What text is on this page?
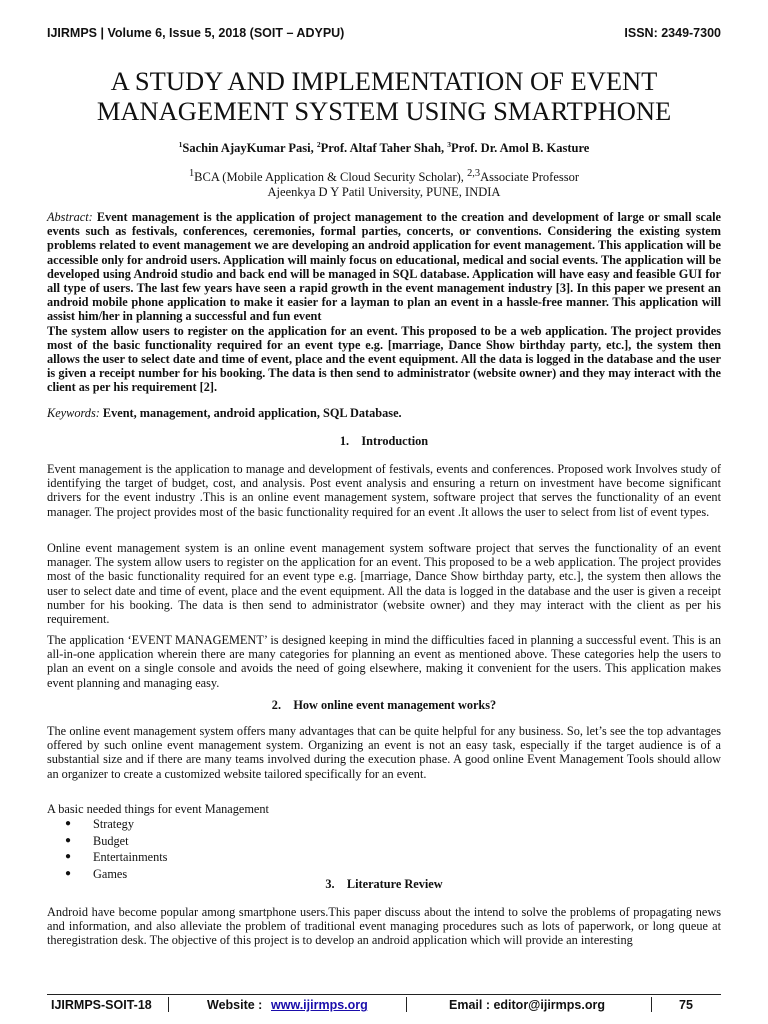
IJIRMPS | Volume 6, Issue 5, 2018 (SOIT – ADYPU)	ISSN: 2349-7300
A STUDY AND IMPLEMENTATION OF EVENT
MANAGEMENT SYSTEM USING SMARTPHONE
$^1$Sachin AjayKumar Pasi, $^2$Prof. Altaf Taher Shah, $^3$Prof. Dr. Amol B. Kasture
$^1$BCA (Mobile Application & Cloud Security Scholar), $^{2,3}$Associate Professor
Ajeenkya D Y Patil University, PUNE, INDIA

Abstract: Event management is the application of project management to the creation and development of large or small scale events such as festivals, conferences, ceremonies, formal parties, concerts, or conventions. Considering the existing system problems related to event management we are developing an android application for event management. This application will be accessible only for android users. Application will mainly focus on educational, medical and social events. The application will be developed using Android studio and back end will be managed in SQL database. Application will have easy and feasible GUI for all type of users. The last few years have seen a rapid growth in the event management industry [3]. In this paper we present an android mobile phone application to make it easier for a layman to plan an event in a hassle-free manner. This application will assist him/her in planning a successful and fun event

The system allow users to register on the application for an event. This proposed to be a web application. The project provides most of the basic functionality required for an event type e.g. [marriage, Dance Show birthday party, etc.], the system then allows the user to select date and time of event, place and the event equipment. All the data is logged in the database and the user is given a receipt number for his booking. The data is then send to administrator (website owner) and they may interact with the client as per his requirement [2].

Keywords: Event, management, android application, SQL Database.
1.    Introduction

Event management is the application to manage and development of festivals, events and conferences. Proposed work Involves study of identifying the target of budget, cost, and analysis. Post event analysis and ensuring a return on investment have become significant drivers for the event industry .This is an online event management system, software project that serves the functionality of an event manager. The project provides most of the basic functionality required for an event .It allows the user to select from list of event types.

Online event management system is an online event management system software project that serves the functionality of an event manager. The system allow users to register on the application for an event. This proposed to be a web application. The project provides most of the basic functionality required for an event type e.g. [marriage, Dance Show birthday party, etc.], the system then allows the user to select date and time of event, place and the event equipment. All the data is logged in the database and the user is given a receipt number for his booking. The data is then send to administrator (website owner) and they may interact with the client as per his requirement.

The application ‘EVENT MANAGEMENT’ is designed keeping in mind the difficulties faced in planning a successful event. This is an all-in-one application wherein there are many categories for planning an event as mentioned above. These categories help the users to plan an event on a single console and avoids the need of going elsewhere, making it convenient for the users. This application makes event planning and managing easy.

2.    How online event management works?

The online event management system offers many advantages that can be quite helpful for any business. So, let’s see the top advantages offered by such online event management system. Organizing an event is not an easy task, especially if the target audience is of a substantial size and if there are many teams involved during the execution phase. A good online Event Management Tools should allow an organizer to create a customized website tailored specifically for an event.

A basic needed things for event Management

● Strategy
● Budget
● Entertainments
● Games
3.    Literature Review

Android have become popular among smartphone users.This paper discuss about the intend to solve the problems of propagating news and information, and also alleviate the problem of traditional event managing procedures such as lots of paperwork, or long queue at theregistration desk. The objective of this project is to develop an android application which will provide an interesting

IJIRMPS-SOIT-18	Website : www.ijirmps.org	Email : editor@ijirmps.org	75
